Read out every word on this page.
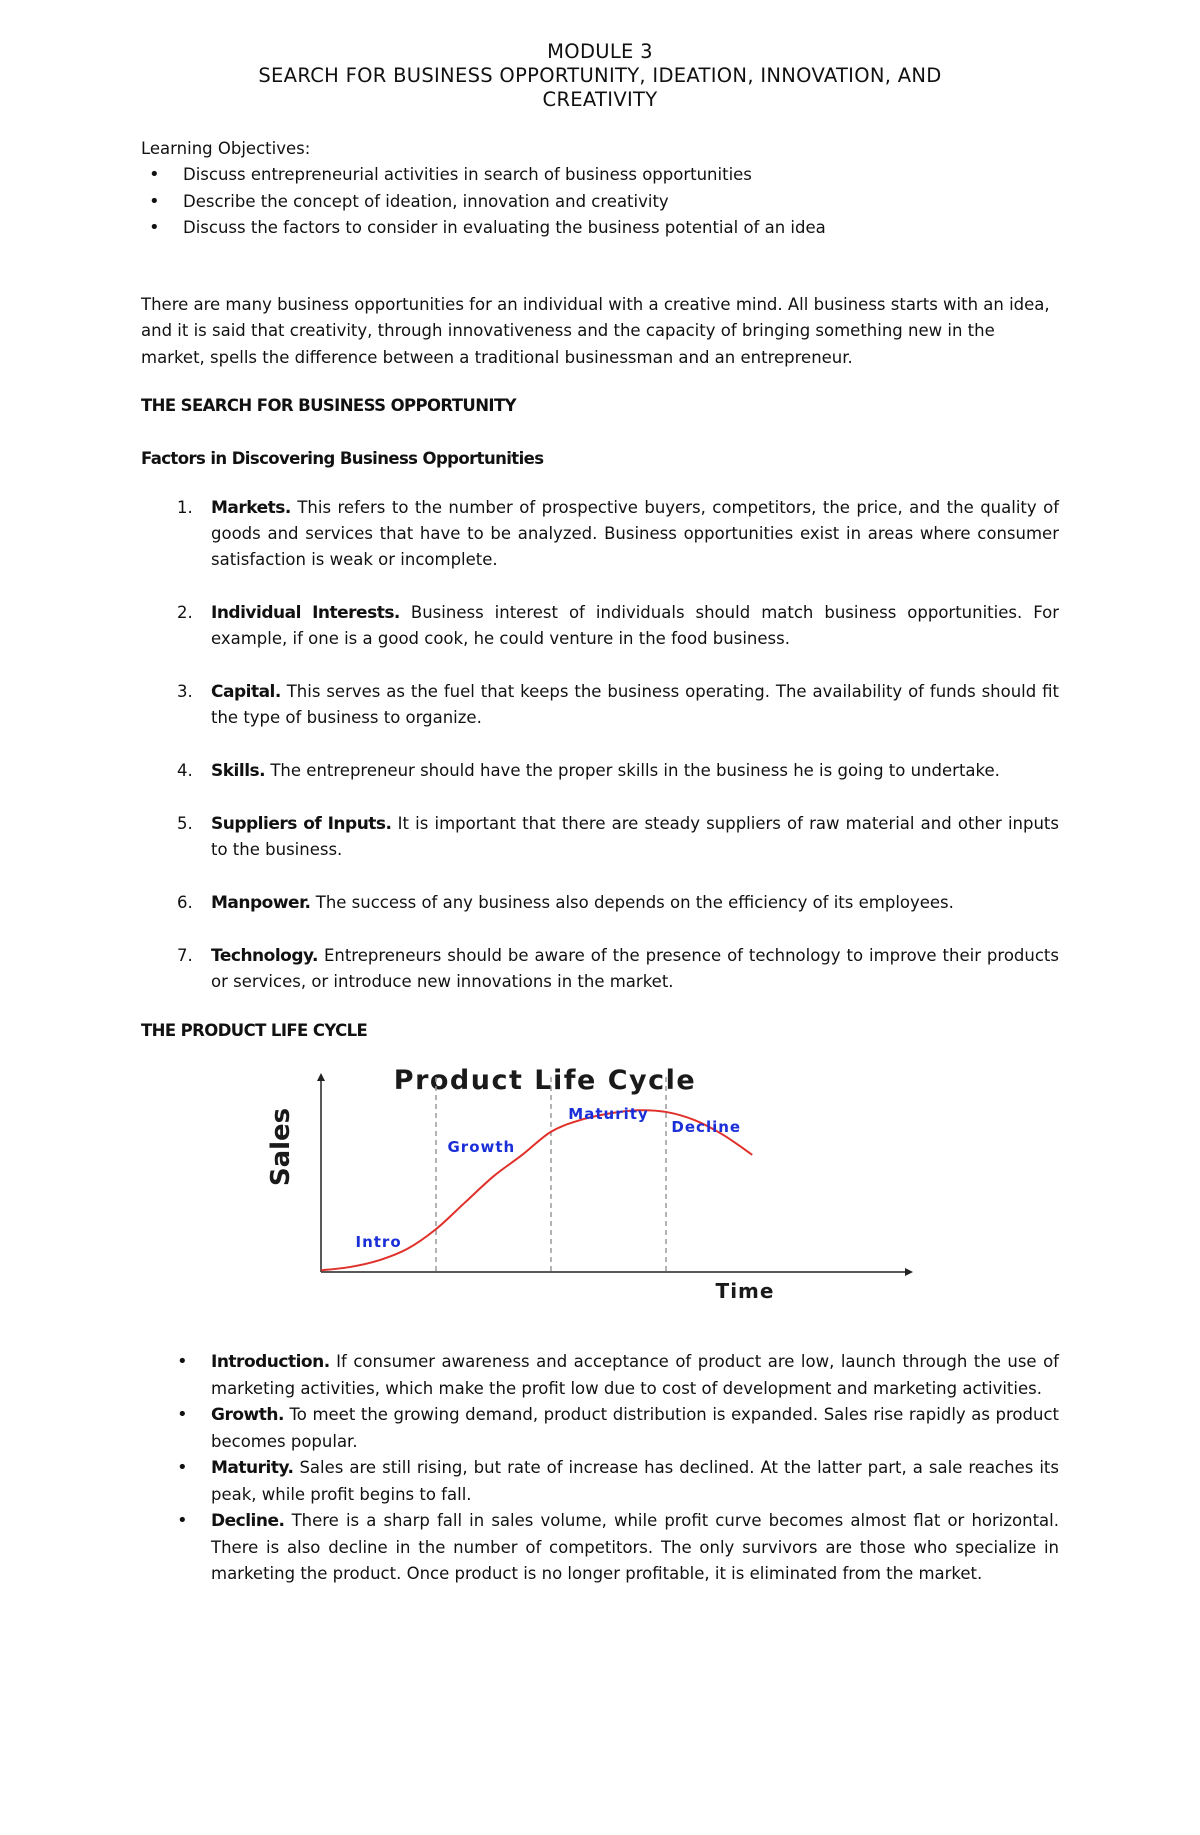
MODULE 3
SEARCH FOR BUSINESS OPPORTUNITY, IDEATION, INNOVATION, AND
CREATIVITY
Learning Objectives:
• Discuss entrepreneurial activities in search of business opportunities
• Describe the concept of ideation, innovation and creativity
• Discuss the factors to consider in evaluating the business potential of an idea

There are many business opportunities for an individual with a creative mind. All business starts with an idea, and it is said that creativity, through innovativeness and the capacity of bringing something new in the market, spells the difference between a traditional businessman and an entrepreneur.

THE SEARCH FOR BUSINESS OPPORTUNITY
Factors in Discovering Business Opportunities
1. Markets. This refers to the number of prospective buyers, competitors, the price, and the quality of goods and services that have to be analyzed. Business opportunities exist in areas where consumer satisfaction is weak or incomplete.
2. Individual Interests. Business interest of individuals should match business opportunities. For example, if one is a good cook, he could venture in the food business.
3. Capital. This serves as the fuel that keeps the business operating. The availability of funds should fit the type of business to organize.
4. Skills. The entrepreneur should have the proper skills in the business he is going to undertake.
5. Suppliers of Inputs. It is important that there are steady suppliers of raw material and other inputs to the business.
6. Manpower. The success of any business also depends on the efficiency of its employees.
7. Technology. Entrepreneurs should be aware of the presence of technology to improve their products or services, or introduce new innovations in the market.
THE PRODUCT LIFE CYCLE
Product Life Cycle
Intro
Growth
Maturity
Decline
Sales
Time
• Introduction. If consumer awareness and acceptance of product are low, launch through the use of marketing activities, which make the profit low due to cost of development and marketing activities.
• Growth. To meet the growing demand, product distribution is expanded. Sales rise rapidly as product becomes popular.
• Maturity. Sales are still rising, but rate of increase has declined. At the latter part, a sale reaches its peak, while profit begins to fall.
• Decline. There is a sharp fall in sales volume, while profit curve becomes almost flat or horizontal. There is also decline in the number of competitors. The only survivors are those who specialize in marketing the product. Once product is no longer profitable, it is eliminated from the market.
